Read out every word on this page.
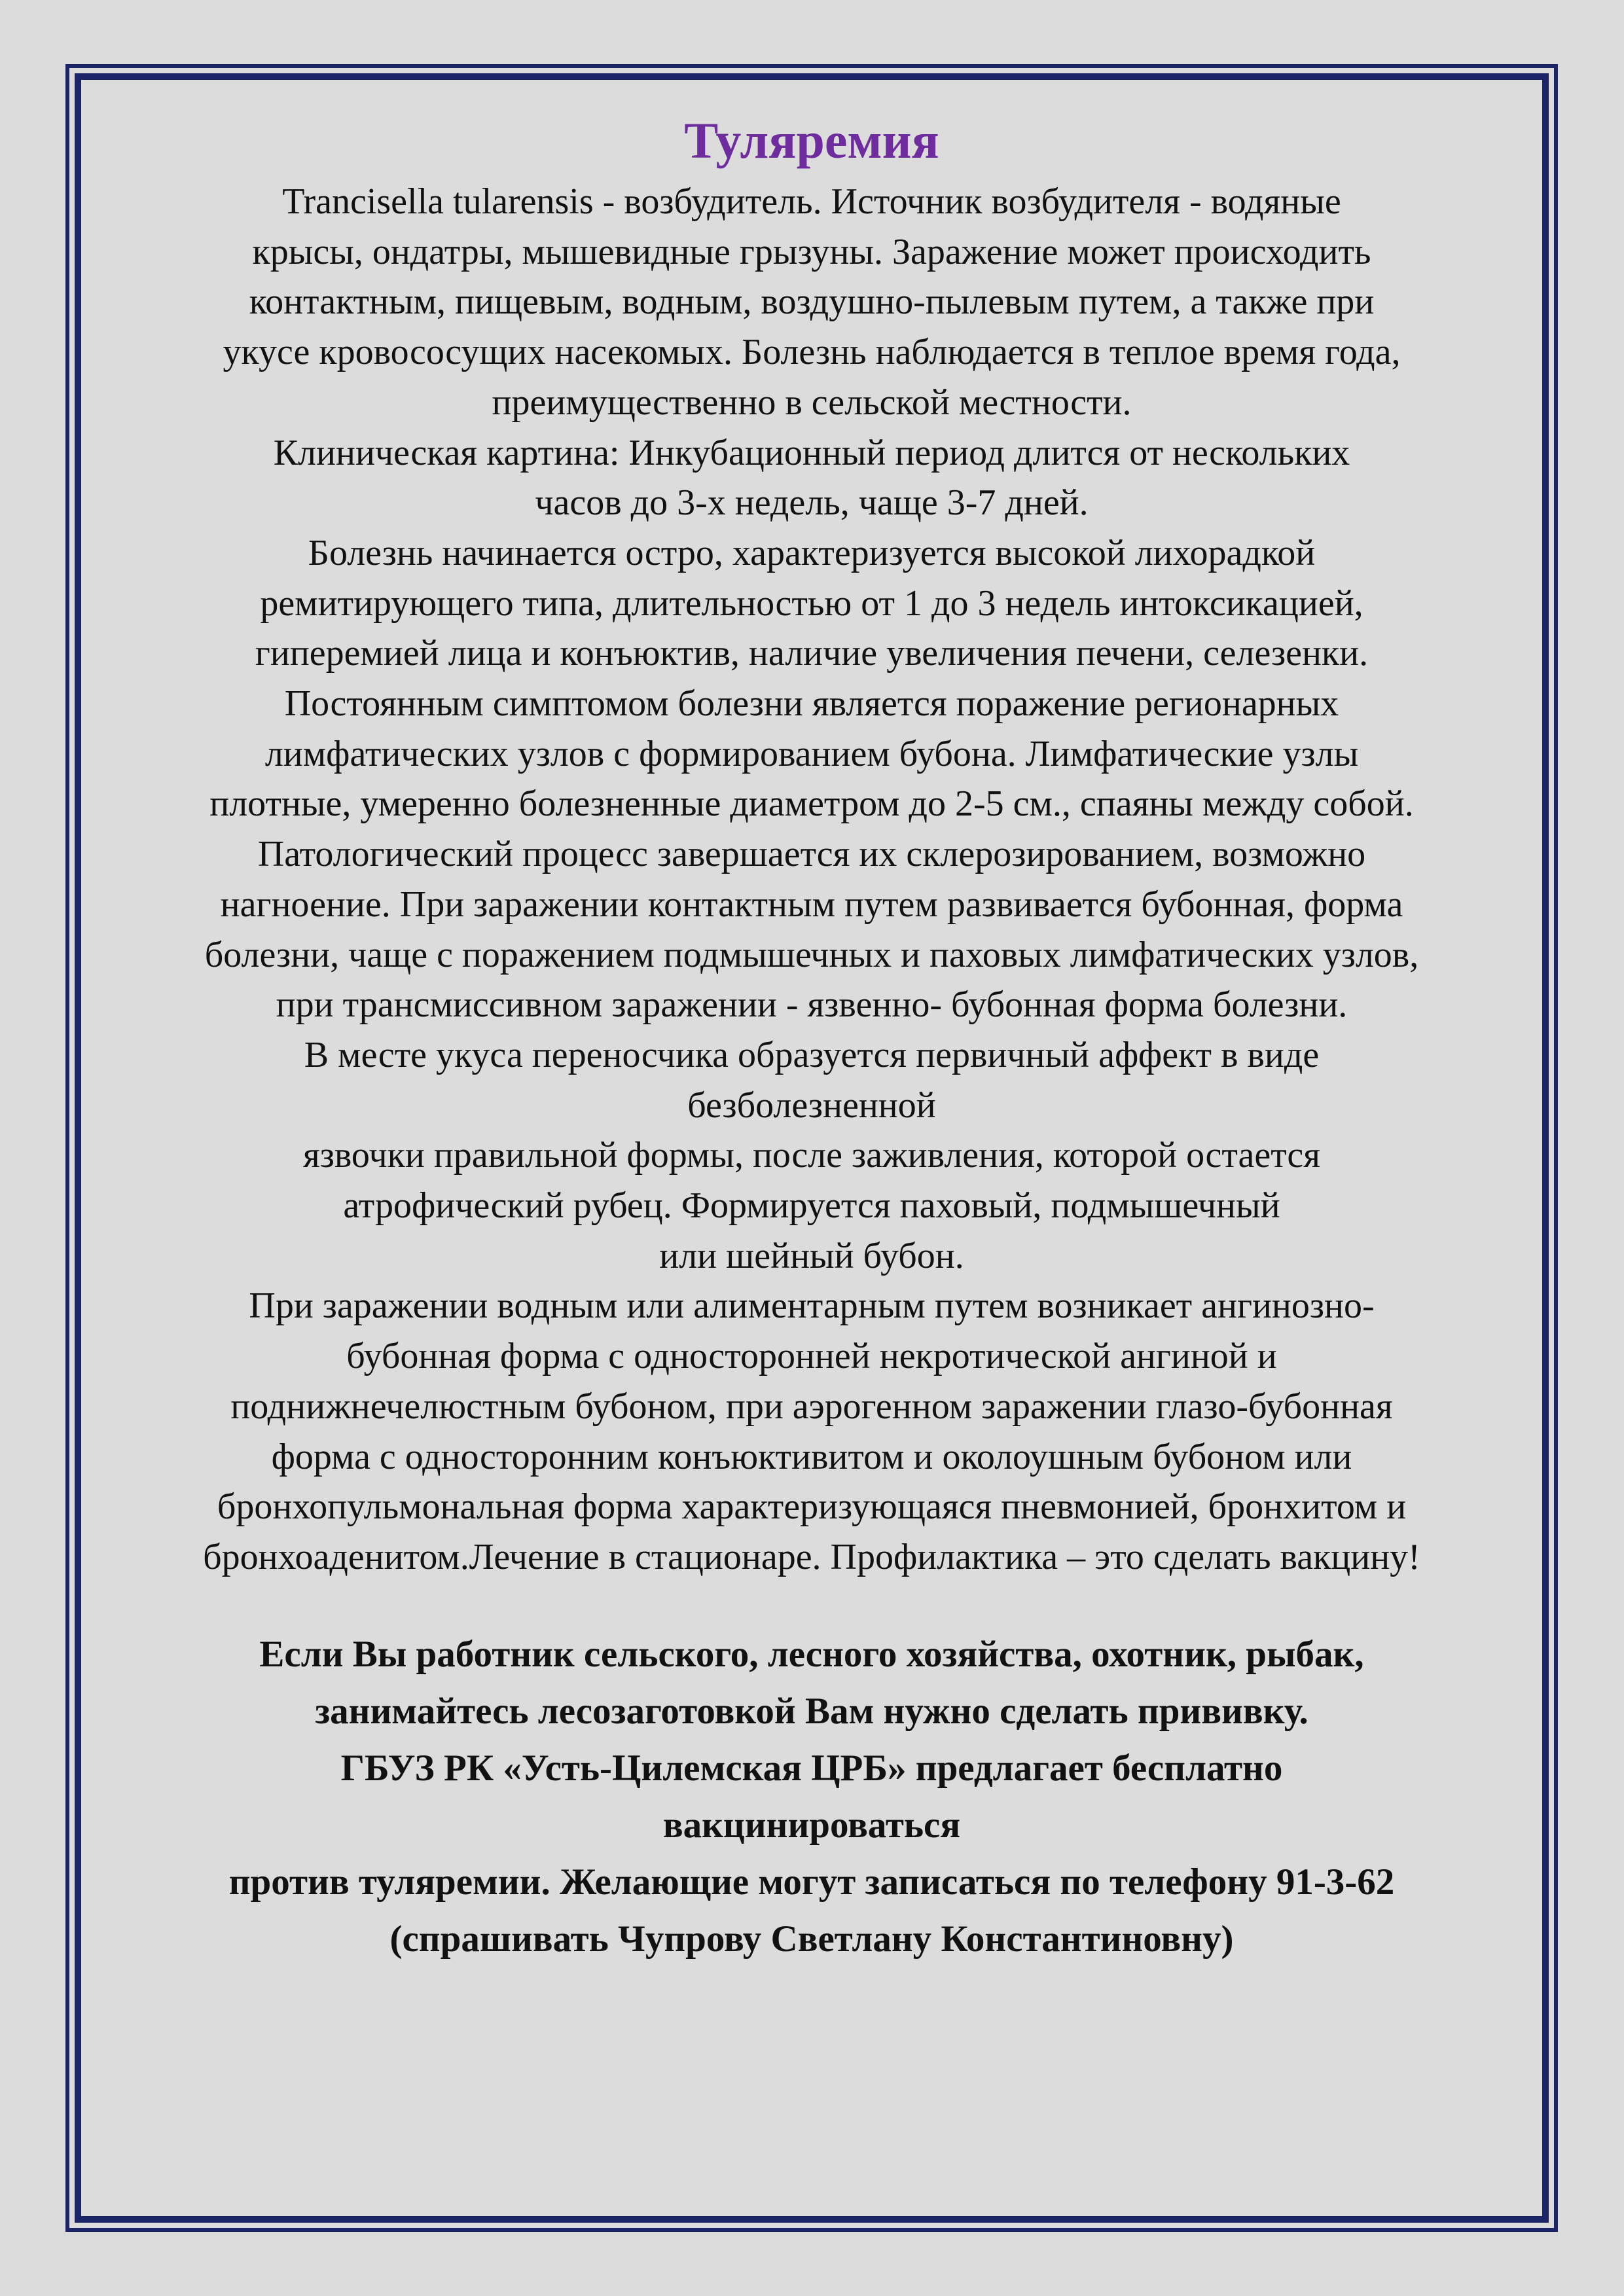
Туляремия

Trancisella tularensis - возбудитель. Источник возбудителя - водяные
крысы, ондатры, мышевидные грызуны. Заражение может происходить
контактным, пищевым, водным, воздушно-пылевым путем, а также при
укусе кровососущих насекомых. Болезнь наблюдается в теплое время года,
преимущественно в сельской местности.
Клиническая картина: Инкубационный период длится от нескольких
часов до 3-х недель, чаще 3-7 дней.
Болезнь начинается остро, характеризуется высокой лихорадкой
ремитирующего типа, длительностью от 1 до 3 недель интоксикацией,
гиперемией лица и конъюктив, наличие увеличения печени, селезенки.
Постоянным симптомом болезни является поражение регионарных
лимфатических узлов с формированием бубона. Лимфатические узлы
плотные, умеренно болезненные диаметром до 2-5 см., спаяны между собой.
Патологический процесс завершается их склерозированием, возможно
нагноение. При заражении контактным путем развивается бубонная, форма
болезни, чаще с поражением подмышечных и паховых лимфатических узлов,
при трансмиссивном заражении - язвенно- бубонная форма болезни.
В месте укуса переносчика образуется первичный аффект в виде
безболезненной
язвочки правильной формы, после заживления, которой остается
атрофический рубец. Формируется паховый, подмышечный
или шейный бубон.
При заражении водным или алиментарным путем возникает ангинозно-
бубонная форма с односторонней некротической ангиной и
поднижнечелюстным бубоном, при аэрогенном заражении глазо-бубонная
форма с односторонним конъюктивитом и околоушным бубоном или
бронхопульмональная форма характеризующаяся пневмонией, бронхитом и
бронхоаденитом.Лечение в стационаре. Профилактика – это сделать вакцину!

Если Вы работник сельского, лесного хозяйства, охотник, рыбак,
занимайтесь лесозаготовкой Вам нужно сделать прививку.
ГБУЗ РК «Усть-Цилемская ЦРБ» предлагает бесплатно
вакцинироваться
против туляремии. Желающие могут записаться по телефону 91-3-62
(спрашивать Чупрову Светлану Константиновну)
